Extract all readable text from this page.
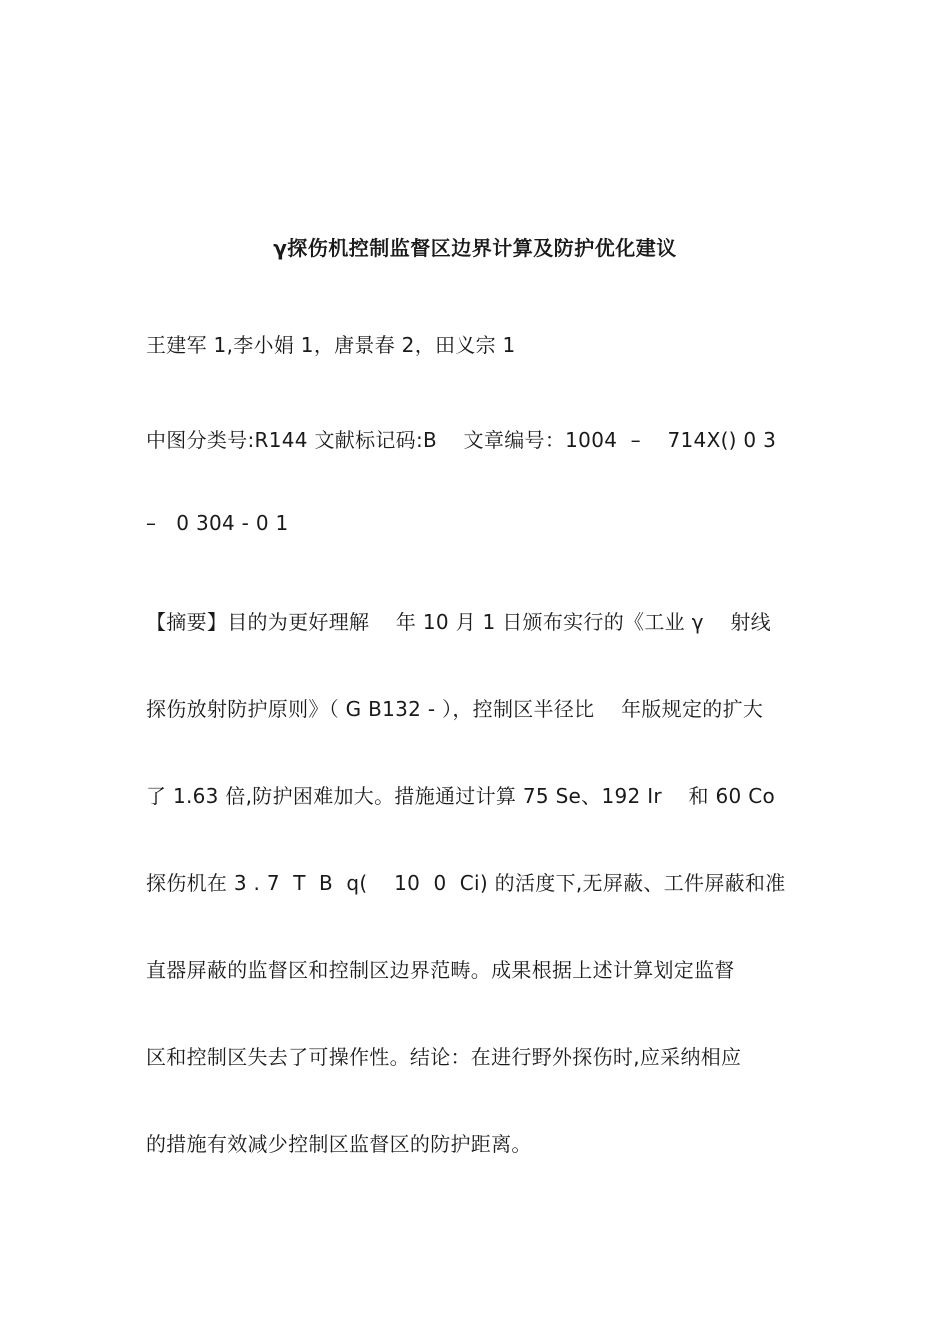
γ探伤机控制监督区边界计算及防护优化建议
王建军 1,李小娟 1，唐景春 2，田义宗 1
中图分类号:R144 文献标记码:B    文章编号：1004  –    714X() 0 3
–   0 304 - 0 1
【摘要】目的为更好理解    年 10 月 1 日颁布实行的《工业 γ    射线
探伤放射防护原则》（ G B132 - ），控制区半径比    年版规定的扩大
了 1.63 倍,防护困难加大。措施通过计算 75 Se、192 Ir    和 60 Co
探伤机在 3 . 7  T  B  q(    10  0  Ci) 的活度下,无屏蔽、工件屏蔽和准
直器屏蔽的监督区和控制区边界范畴。成果根据上述计算划定监督
区和控制区失去了可操作性。结论：在进行野外探伤时,应采纳相应
的措施有效减少控制区监督区的防护距离。
